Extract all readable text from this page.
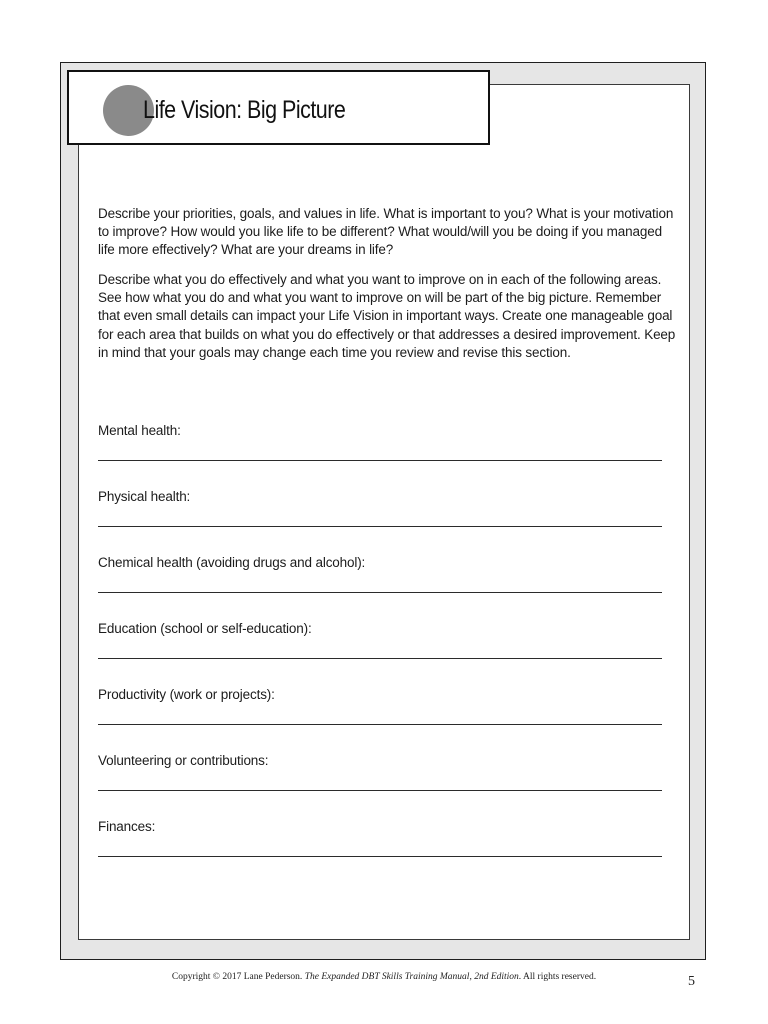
Life Vision: Big Picture

Describe your priorities, goals, and values in life. What is important to you? What is your motivation to improve? How would you like life to be different? What would/will you be doing if you managed life more effectively? What are your dreams in life?

Describe what you do effectively and what you want to improve on in each of the following areas. See how what you do and what you want to improve on will be part of the big picture. Remember that even small details can impact your Life Vision in important ways. Create one manageable goal for each area that builds on what you do effectively or that addresses a desired improvement. Keep in mind that your goals may change each time you review and revise this section.

Mental health:
Physical health:
Chemical health (avoiding drugs and alcohol):
Education (school or self-education):
Productivity (work or projects):
Volunteering or contributions:
Finances:
Copyright © 2017 Lane Pederson. The Expanded DBT Skills Training Manual, 2nd Edition. All rights reserved.	5
